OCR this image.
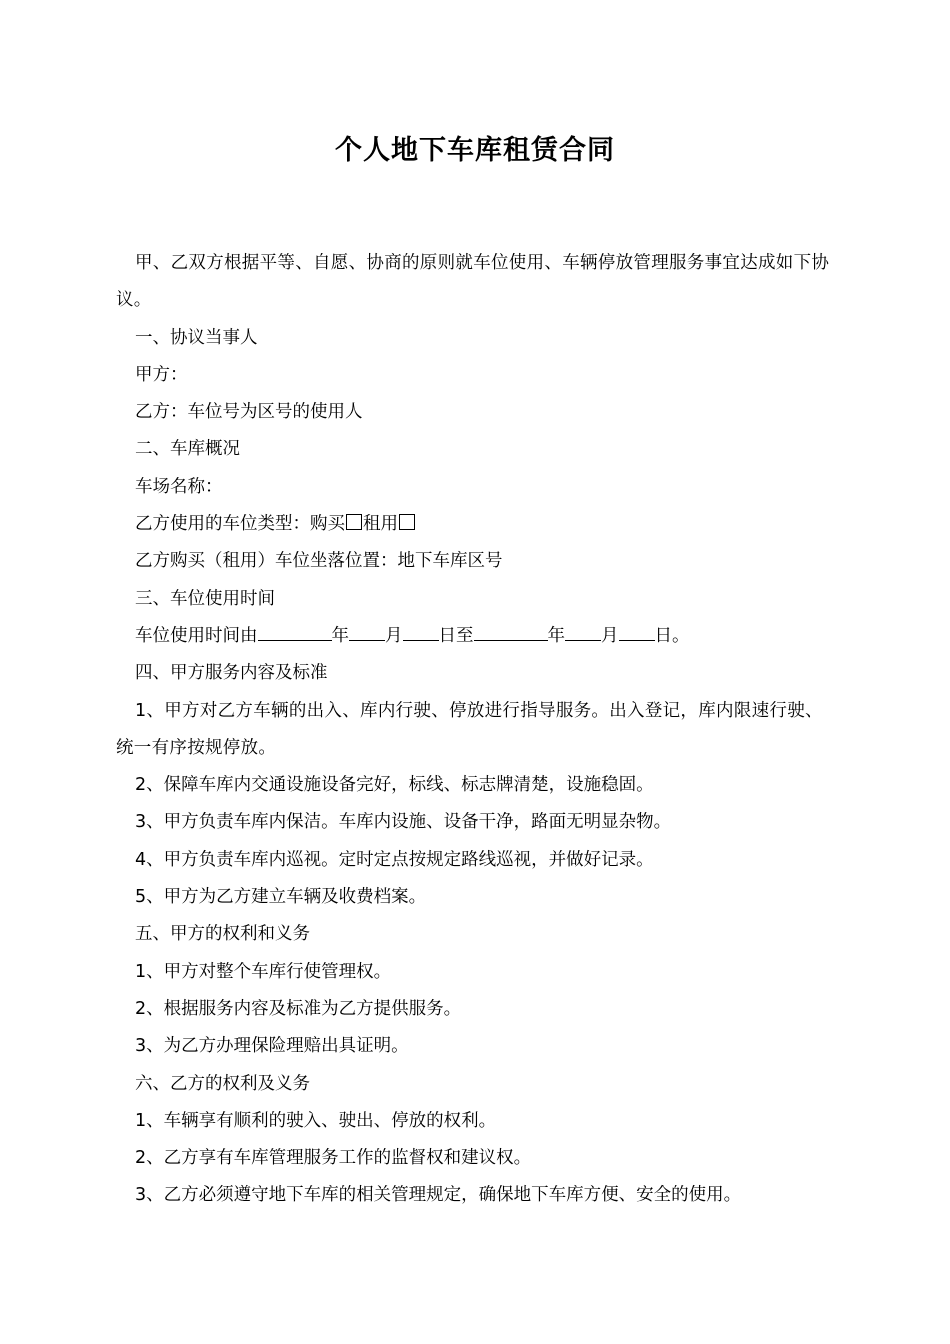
个人地下车库租赁合同

甲、乙双方根据平等、自愿、协商的原则就车位使用、车辆停放管理服务事宜达成如下协议。

一、协议当事人

甲方：

乙方：车位号为区号的使用人

二、车库概况

车场名称：

乙方使用的车位类型：购买 租用

乙方购买（租用）车位坐落位置：地下车库区号

三、车位使用时间

车位使用时间由	年 月 日至	年 月 日。

四、甲方服务内容及标准

1、甲方对乙方车辆的出入、库内行驶、停放进行指导服务。出入登记，库内限速行驶、统一有序按规停放。

2、保障车库内交通设施设备完好，标线、标志牌清楚，设施稳固。

3、甲方负责车库内保洁。车库内设施、设备干净，路面无明显杂物。

4、甲方负责车库内巡视。定时定点按规定路线巡视，并做好记录。

5、甲方为乙方建立车辆及收费档案。

五、甲方的权利和义务

1、甲方对整个车库行使管理权。

2、根据服务内容及标准为乙方提供服务。

3、为乙方办理保险理赔出具证明。

六、乙方的权利及义务

1、车辆享有顺利的驶入、驶出、停放的权利。

2、乙方享有车库管理服务工作的监督权和建议权。

3、乙方必须遵守地下车库的相关管理规定，确保地下车库方便、安全的使用。
